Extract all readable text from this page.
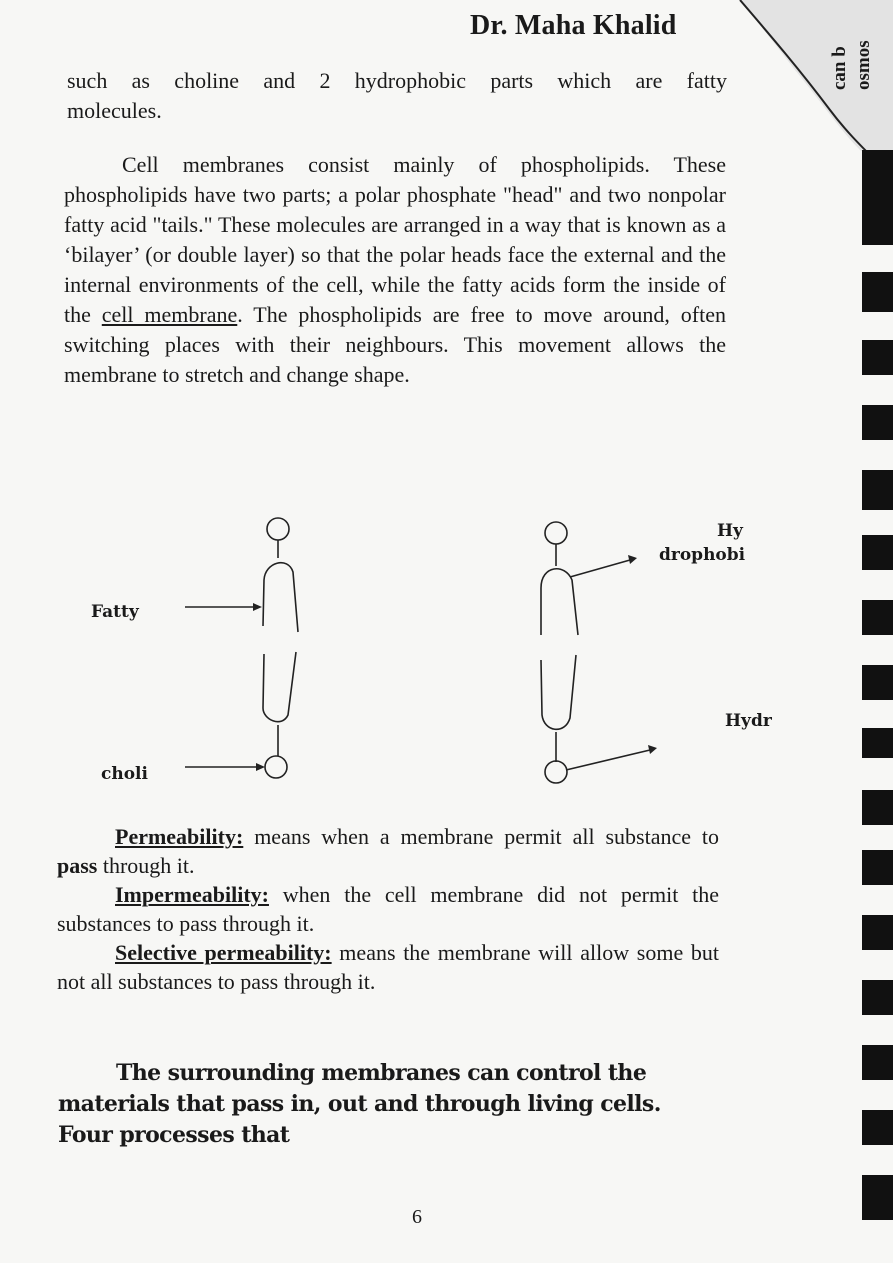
can b osmos
Dr. Maha Khalid
such as choline and 2 hydrophobic parts which are fatty
molecules.
Cell membranes consist mainly of phospholipids. These phospholipids have two parts; a polar phosphate "head" and two nonpolar fatty acid "tails." These molecules are arranged in a way that is known as a ‘bilayer’ (or double layer) so that the polar heads face the external and the internal environments of the cell, while the fatty acids form the inside of the cell membrane. The phospholipids are free to move around, often switching places with their neighbours. This movement allows the membrane to stretch and change shape.
Fatty
choli
Hy
drophobi
Hydr
Permeability: means when a membrane permit all substance to pass through it.
Impermeability: when the cell membrane did not permit the substances to pass through it.
Selective permeability: means the membrane will allow some but not all substances to pass through it.
The surrounding membranes can control the materials that pass in, out and through living cells. Four processes that
6
